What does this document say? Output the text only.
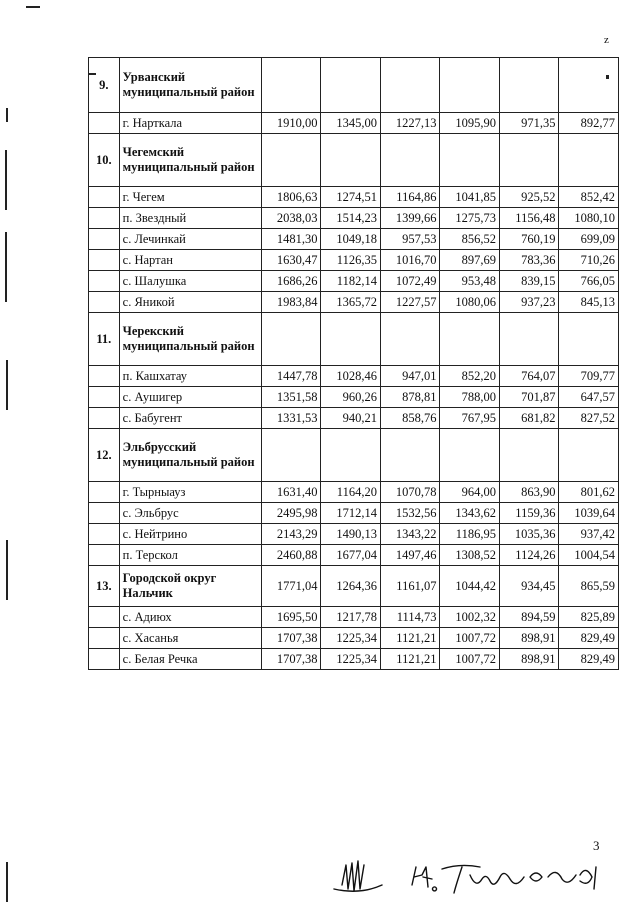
z
9.	Урванский муниципальный район						
	г. Нарткала	1910,00	1345,00	1227,13	1095,90	971,35	892,77
10.	Чегемский муниципальный район						
	г. Чегем	1806,63	1274,51	1164,86	1041,85	925,52	852,42
	п. Звездный	2038,03	1514,23	1399,66	1275,73	1156,48	1080,10
	с. Лечинкай	1481,30	1049,18	957,53	856,52	760,19	699,09
	с. Нартан	1630,47	1126,35	1016,70	897,69	783,36	710,26
	с. Шалушка	1686,26	1182,14	1072,49	953,48	839,15	766,05
	с. Яникой	1983,84	1365,72	1227,57	1080,06	937,23	845,13
11.	Черекский муниципальный район						
	п. Кашхатау	1447,78	1028,46	947,01	852,20	764,07	709,77
	с. Аушигер	1351,58	960,26	878,81	788,00	701,87	647,57
	с. Бабугент	1331,53	940,21	858,76	767,95	681,82	827,52
12.	Эльбрусский муниципальный район						
	г. Тырныауз	1631,40	1164,20	1070,78	964,00	863,90	801,62
	с. Эльбрус	2495,98	1712,14	1532,56	1343,62	1159,36	1039,64
	с. Нейтрино	2143,29	1490,13	1343,22	1186,95	1035,36	937,42
	п. Терскол	2460,88	1677,04	1497,46	1308,52	1124,26	1004,54
13.	Городской округ Нальчик	1771,04	1264,36	1161,07	1044,42	934,45	865,59
	с. Адиюх	1695,50	1217,78	1114,73	1002,32	894,59	825,89
	с. Хасанья	1707,38	1225,34	1121,21	1007,72	898,91	829,49
	с. Белая Речка	1707,38	1225,34	1121,21	1007,72	898,91	829,49
3
